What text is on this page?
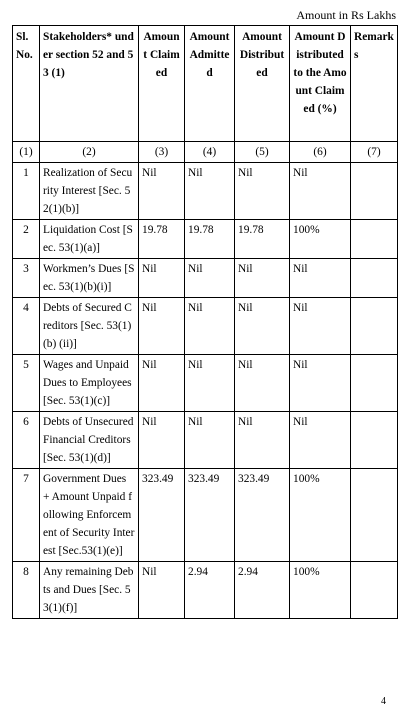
Amount in Rs Lakhs
Sl. No.	Stakeholders* under section 52 and 53 (1)	Amount Claimed	Amount Admitted	Amount Distributed	Amount Distributed to the Amount Claimed (%)	Remarks
(1)	(2)	(3)	(4)	(5)	(6)	(7)
1	Realization of Security Interest [Sec. 52(1)(b)]	Nil	Nil	Nil	Nil	
2	Liquidation Cost [Sec. 53(1)(a)]	19.78	19.78	19.78	100%	
3	Workmen’s Dues [Sec. 53(1)(b)(i)]	Nil	Nil	Nil	Nil	
4	Debts of Secured Creditors [Sec. 53(1)(b) (ii)]	Nil	Nil	Nil	Nil	
5	Wages and Unpaid Dues to Employees [Sec. 53(1)(c)]	Nil	Nil	Nil	Nil	
6	Debts of Unsecured Financial Creditors [Sec. 53(1)(d)]	Nil	Nil	Nil	Nil	
7	Government Dues + Amount Unpaid following Enforcement of Security Interest [Sec.53(1)(e)]	323.49	323.49	323.49	100%	
8	Any remaining Debts and Dues [Sec. 53(1)(f)]	Nil	2.94	2.94	100%	
4
